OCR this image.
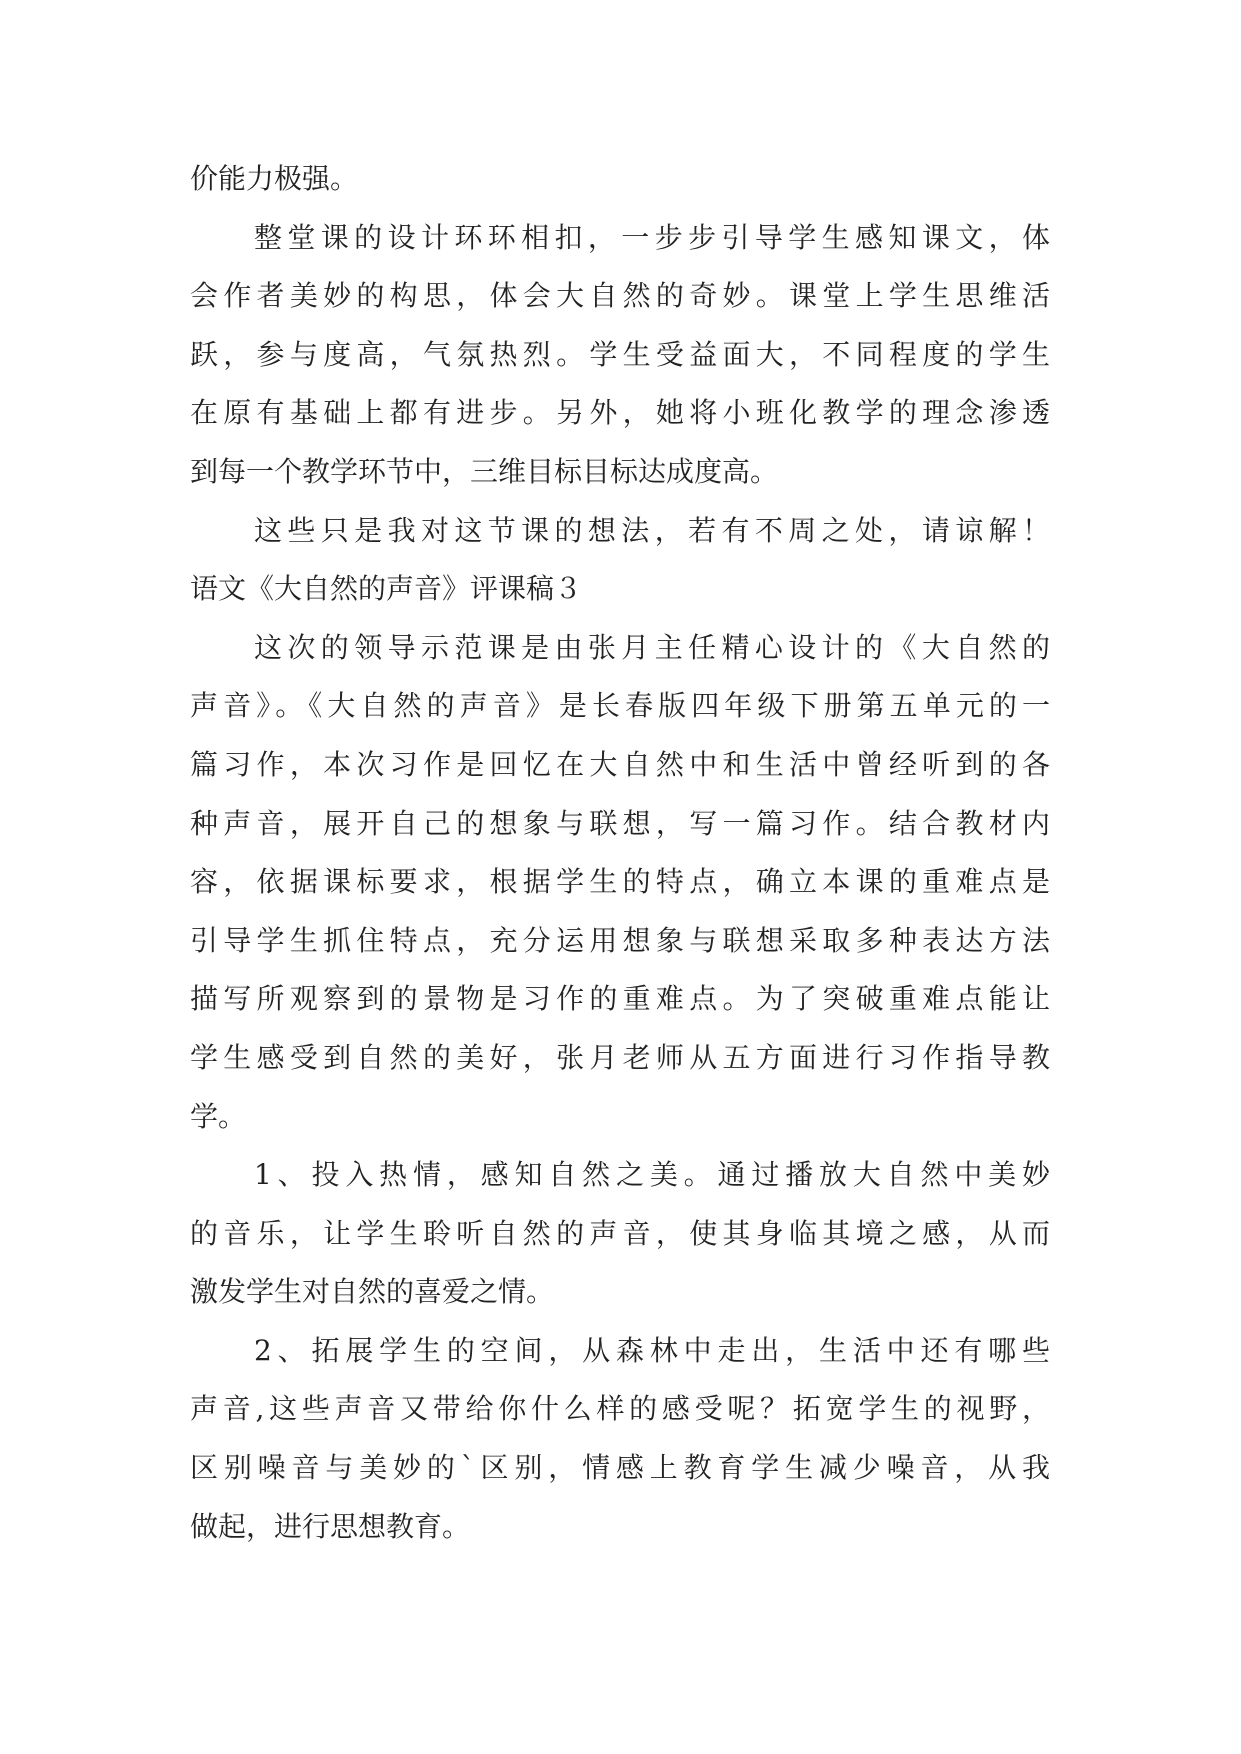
价能力极强。
整堂课的设计环环相扣，一步步引导学生感知课文，体
会作者美妙的构思，体会大自然的奇妙。课堂上学生思维活
跃，参与度高，气氛热烈。学生受益面大，不同程度的学生
在原有基础上都有进步。另外，她将小班化教学的理念渗透
到每一个教学环节中，三维目标目标达成度高。
这些只是我对这节课的想法，若有不周之处，请谅解！
语文《大自然的声音》评课稿３
这次的领导示范课是由张月主任精心设计的《大自然的
声音》。《大自然的声音》是长春版四年级下册第五单元的一
篇习作，本次习作是回忆在大自然中和生活中曾经听到的各
种声音，展开自己的想象与联想，写一篇习作。结合教材内
容，依据课标要求，根据学生的特点，确立本课的重难点是
引导学生抓住特点，充分运用想象与联想采取多种表达方法
描写所观察到的景物是习作的重难点。为了突破重难点能让
学生感受到自然的美好，张月老师从五方面进行习作指导教
学。
1、投入热情，感知自然之美。通过播放大自然中美妙
的音乐，让学生聆听自然的声音，使其身临其境之感，从而
激发学生对自然的喜爱之情。
2、拓展学生的空间，从森林中走出，生活中还有哪些
声音,这些声音又带给你什么样的感受呢？拓宽学生的视野，
区别噪音与美妙的`区别，情感上教育学生减少噪音，从我
做起，进行思想教育。
